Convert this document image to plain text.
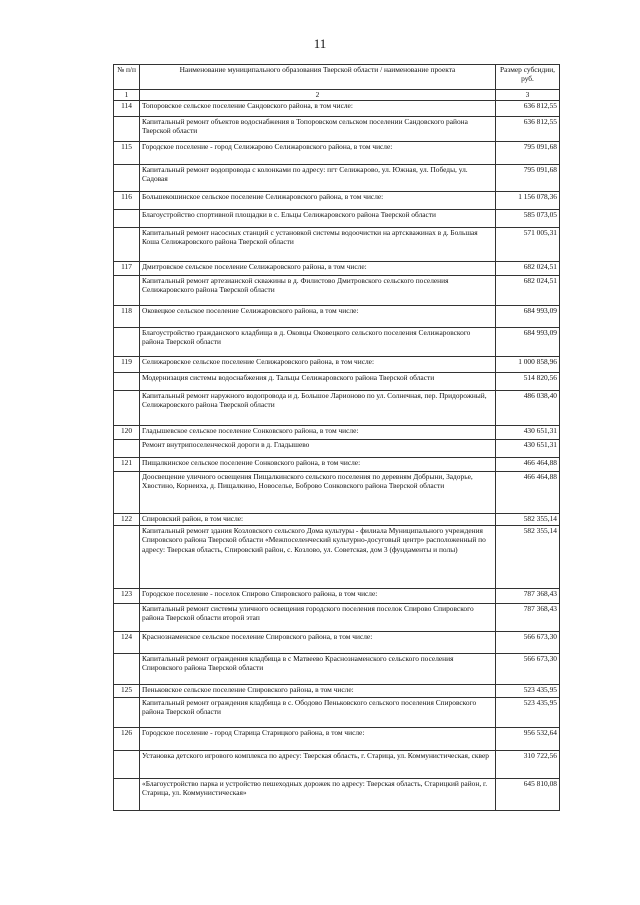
11
№ п/п	Наименование муниципального образования Тверской области / наименование проекта	Размер субсидии, руб.
1	2	3
114	Топоровское сельское поселение Сандовского района, в том числе:	636 812,55
	Капитальный ремонт объектов водоснабжения в Топоровском сельском поселении Сандовского района Тверской области	636 812,55
115	Городское поселение - город Селижарово Селижаровского района, в том числе:	795 091,68
	Капитальный ремонт водопровода с колонками по адресу: пгт Селижарово, ул. Южная, ул. Победы, ул. Садовая	795 091,68
116	Большекошинское сельское поселение Селижаровского района, в том числе:	1 156 078,36
	Благоустройство спортивной площадки в с. Ельцы Селижаровского района Тверской области	585 073,05
	Капитальный ремонт насосных станций с установкой системы водоочистки на артскважинах в д. Большая Коша Селижаровского района Тверской области	571 005,31
117	Дмитровское сельское поселение Селижаровского района, в том числе:	682 024,51
	Капитальный ремонт артезианской скважины в д. Филистово Дмитровского сельского поселения Селижаровского района Тверской области	682 024,51
118	Оковецкое сельское поселение Селижаровского района, в том числе:	684 993,09
	Благоустройство гражданского кладбища в д. Оковцы Оковецкого сельского поселения Селижаровского района Тверской области	684 993,09
119	Селижаровское сельское поселение Селижаровского района, в том числе:	1 000 858,96
	Модернизация системы водоснабжения д. Тальцы Селижаровского района Тверской области	514 820,56
	Капитальный ремонт наружного водопровода и д. Большое Ларионово по ул. Солнечная, пер. Придорожный, Селижаровского района Тверской области	486 038,40
120	Гладышевское сельское поселение Сонковского района, в том числе:	430 651,31
	Ремонт внутрипоселенческой дороги в д. Гладышево	430 651,31
121	Пищалкинское сельское поселение Сонковского района, в том числе:	466 464,88
	Доосвещение уличного освещения Пищалкинского сельского поселения по деревням Добрыни, Задорье, Хвостино, Корнеиха, д. Пищалкино, Новоселье, Боброво Сонковского района Тверской области	466 464,88
122	Спировский район, в том числе:	582 355,14
	Капитальный ремонт здания Козловского сельского Дома культуры - филиала Муниципального учреждения Спировского района Тверской области «Межпоселенческий культурно-досуговый центр» расположенный по адресу: Тверская область, Спировский район, с. Козлово, ул. Советская, дом 3 (фундаменты и полы)	582 355,14
123	Городское поселение - поселок Спирово Спировского района, в том числе:	787 368,43
	Капитальный ремонт системы уличного освещения городского поселения поселок Спирово Спировского района Тверской области второй этап	787 368,43
124	Краснознаменское сельское поселение Спировского района, в том числе:	566 673,30
	Капитальный ремонт ограждения кладбища в с Матвеево Краснознаменского сельского поселения Спировского района Тверской области	566 673,30
125	Пеньковское сельское поселение Спировского района, в том числе:	523 435,95
	Капитальный ремонт ограждения кладбища в с. Ободово Пеньковского сельского поселения Спировского района Тверской области	523 435,95
126	Городское поселение - город Старица Старицкого района, в том числе:	956 532,64
	Установка детского игрового комплекса по адресу: Тверская область, г. Старица, ул. Коммунистическая, сквер	310 722,56
	«Благоустройство парка и устройство пешеходных дорожек по адресу: Тверская область, Старицкий район, г. Старица, ул. Коммунистическая»	645 810,08
